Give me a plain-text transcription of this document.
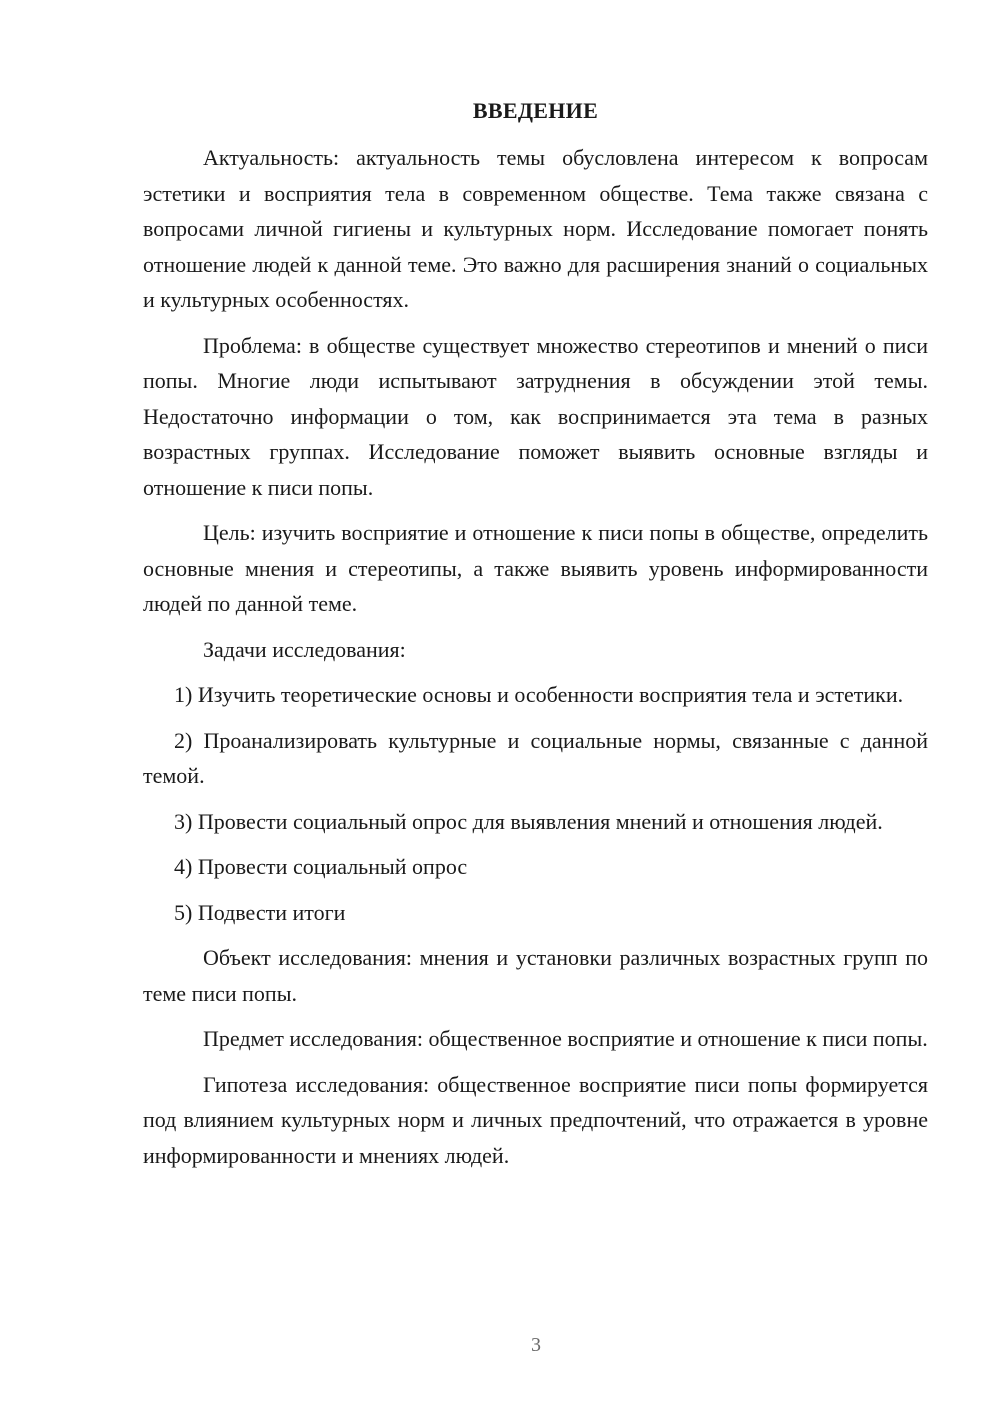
ВВЕДЕНИЕ

Актуальность: актуальность темы обусловлена интересом к вопросам эстетики и восприятия тела в современном обществе. Тема также связана с вопросами личной гигиены и культурных норм. Исследование помогает понять отношение людей к данной теме. Это важно для расширения знаний о социальных и культурных особенностях.

Проблема: в обществе существует множество стереотипов и мнений о писи попы. Многие люди испытывают затруднения в обсуждении этой темы. Недостаточно информации о том, как воспринимается эта тема в разных возрастных группах. Исследование поможет выявить основные взгляды и отношение к писи попы.

Цель: изучить восприятие и отношение к писи попы в обществе, определить основные мнения и стереотипы, а также выявить уровень информированности людей по данной теме.

Задачи исследования:

1) Изучить теоретические основы и особенности восприятия тела и эстетики.

2) Проанализировать культурные и социальные нормы, связанные с данной темой.

3) Провести социальный опрос для выявления мнений и отношения людей.

4) Провести социальный опрос

5) Подвести итоги

Объект исследования: мнения и установки различных возрастных групп по теме писи попы.

Предмет исследования: общественное восприятие и отношение к писи попы.

Гипотеза исследования: общественное восприятие писи попы формируется под влиянием культурных норм и личных предпочтений, что отражается в уровне информированности и мнениях людей.

3
